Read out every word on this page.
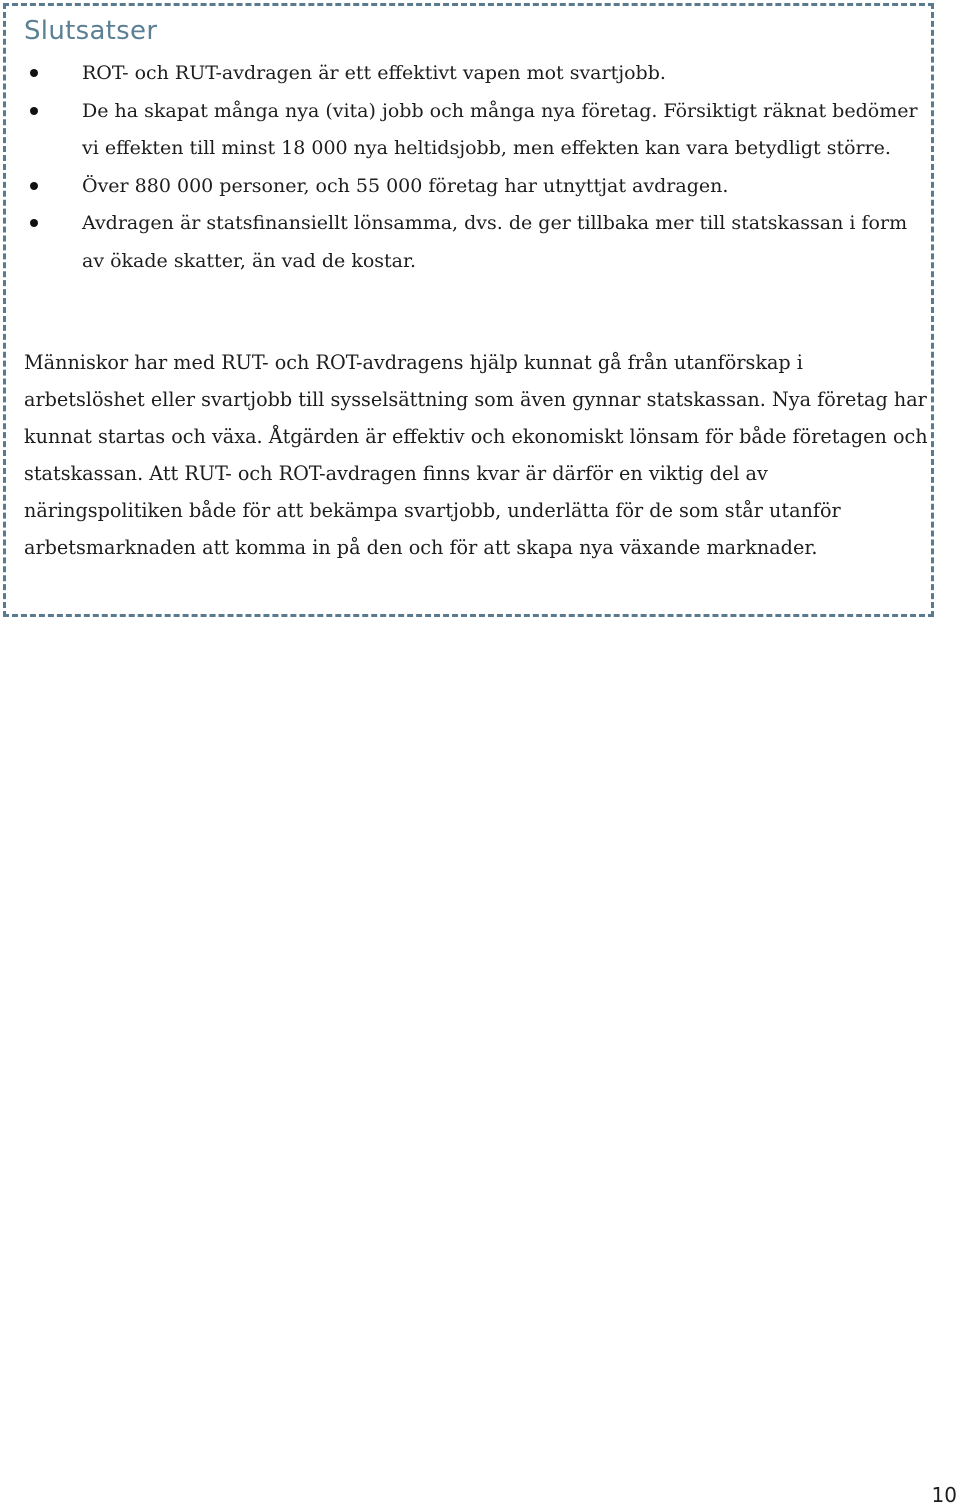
Slutsatser
ROT- och RUT-avdragen är ett effektivt vapen mot svartjobb.
De ha skapat många nya (vita) jobb och många nya företag. Försiktigt räknat bedömer vi effekten till minst 18 000 nya heltidsjobb, men effekten kan vara betydligt större.
Över 880 000 personer, och 55 000 företag har utnyttjat avdragen.
Avdragen är statsfinansiellt lönsamma, dvs. de ger tillbaka mer till statskassan i form av ökade skatter, än vad de kostar.

Människor har med RUT- och ROT-avdragens hjälp kunnat gå från utanförskap i arbetslöshet eller svartjobb till sysselsättning som även gynnar statskassan. Nya företag har kunnat startas och växa. Åtgärden är effektiv och ekonomiskt lönsam för både företagen och statskassan. Att RUT- och ROT-avdragen finns kvar är därför en viktig del av näringspolitiken både för att bekämpa svartjobb, underlätta för de som står utanför arbetsmarknaden att komma in på den och för att skapa nya växande marknader.

10
